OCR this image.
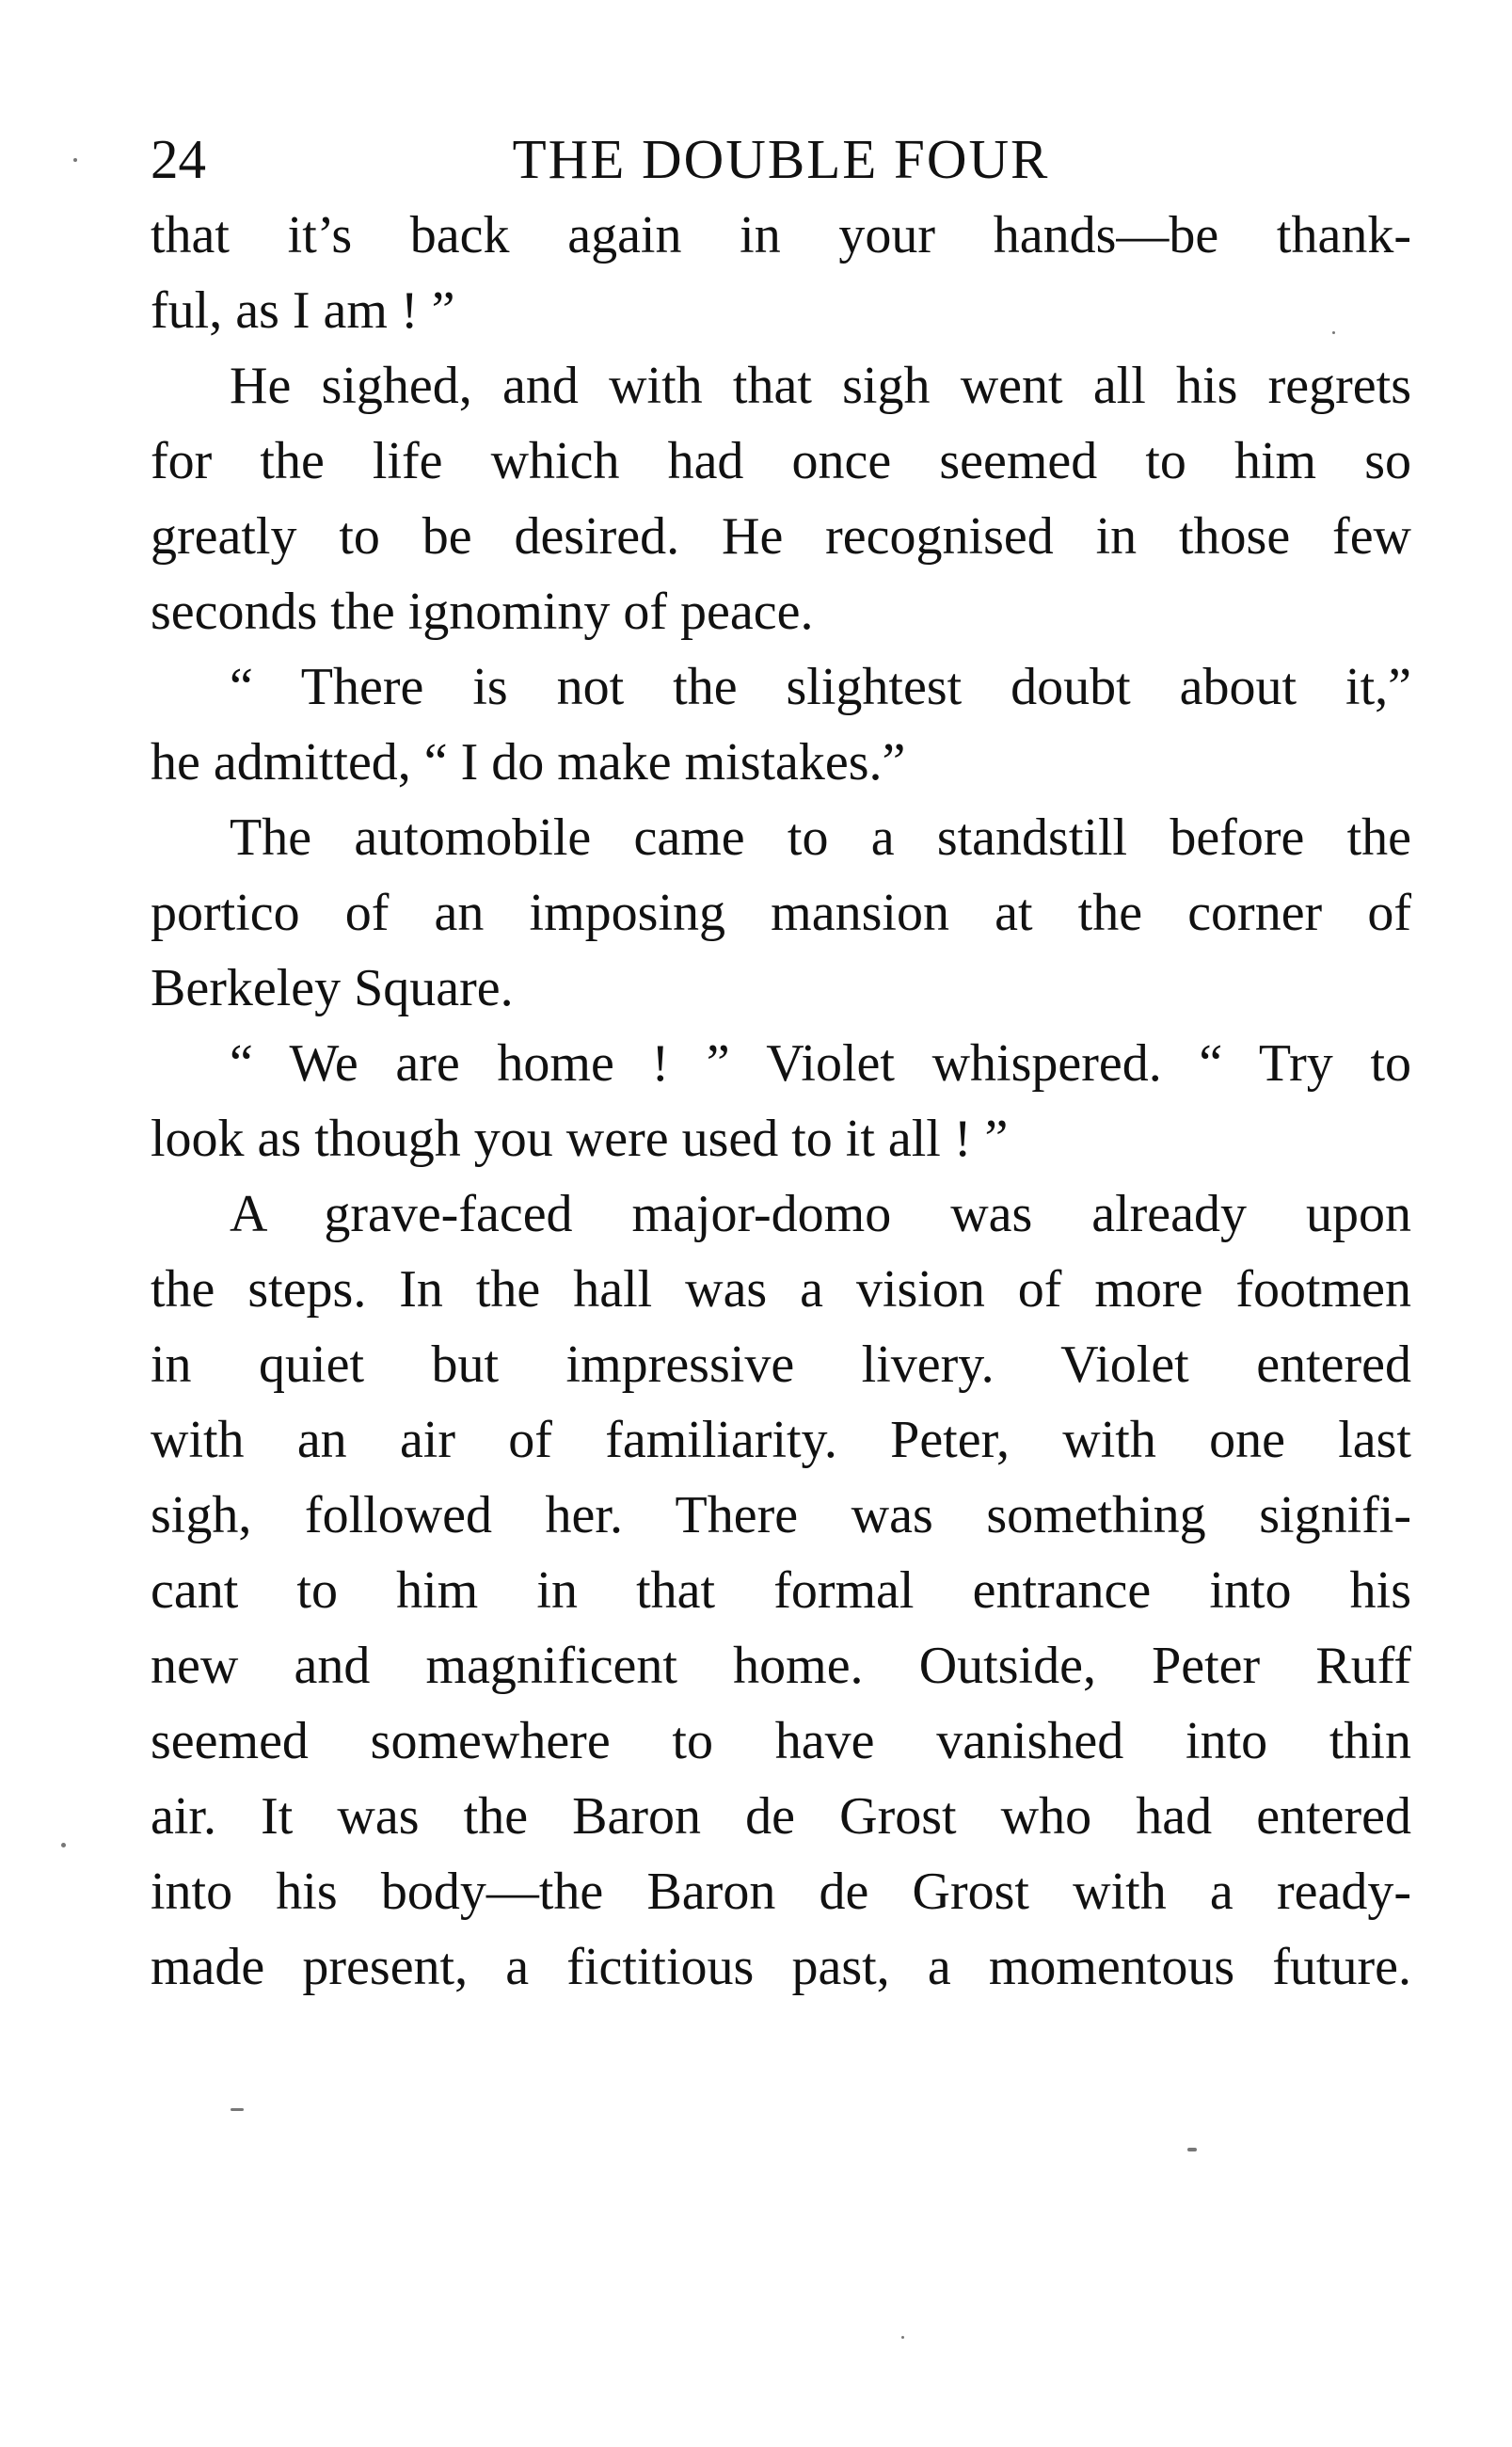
24	THE DOUBLE FOUR
that it’s back again in your hands—be thank-
ful, as I am ! ”
He sighed, and with that sigh went all his regrets
for the life which had once seemed to him so
greatly to be desired. He recognised in those few
seconds the ignominy of peace.
“ There is not the slightest doubt about it,”
he admitted, “ I do make mistakes.”
The automobile came to a standstill before the
portico of an imposing mansion at the corner of
Berkeley Square.
“ We are home ! ” Violet whispered. “ Try to
look as though you were used to it all ! ”
A grave-faced major-domo was already upon
the steps. In the hall was a vision of more footmen
in quiet but impressive livery. Violet entered
with an air of familiarity. Peter, with one last
sigh, followed her. There was something signifi-
cant to him in that formal entrance into his
new and magnificent home. Outside, Peter Ruff
seemed somewhere to have vanished into thin
air. It was the Baron de Grost who had entered
into his body—the Baron de Grost with a ready-
made present, a fictitious past, a momentous future.
